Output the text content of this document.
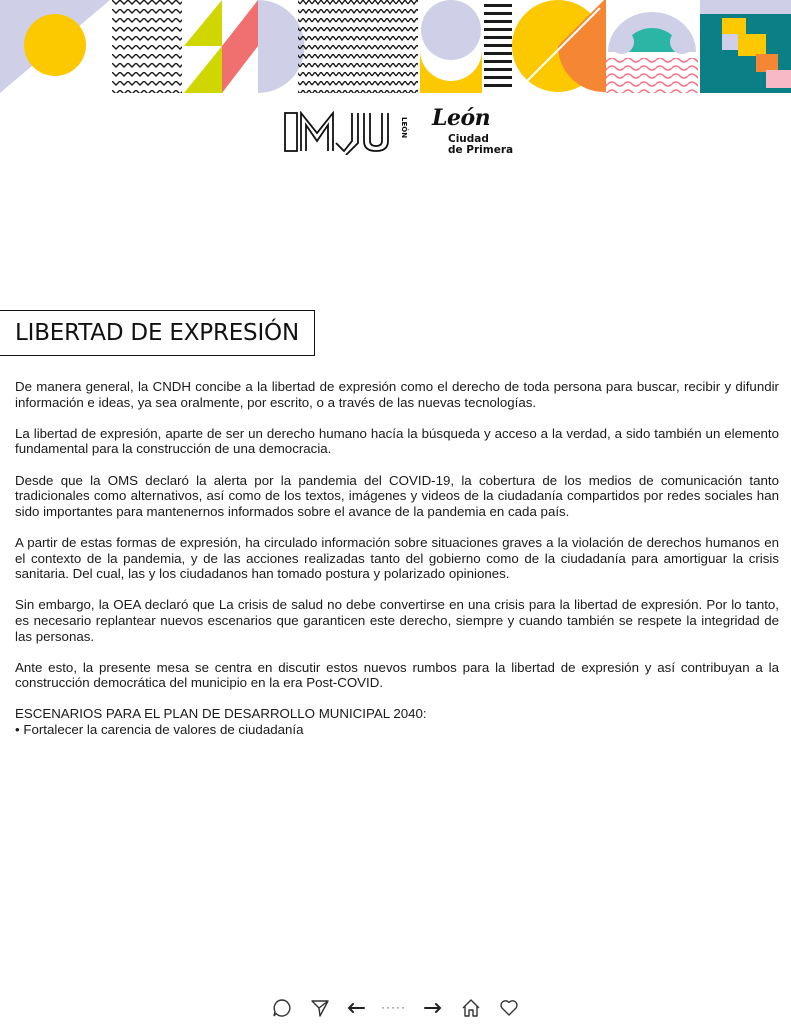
LEÓN León
Ciudad
de Primera
LIBERTAD DE EXPRESIÓN

De manera general, la CNDH concibe a la libertad de expresión como el derecho de toda persona para buscar, recibir y difundir información e ideas, ya sea oralmente, por escrito, o a través de las nuevas tecnologías.

La libertad de expresión, aparte de ser un derecho humano hacía la búsqueda y acceso a la verdad, a sido también un elemento fundamental para la construcción de una democracia.

Desde que la OMS declaró la alerta por la pandemia del COVID-19, la cobertura de los medios de comunicación tanto tradicionales como alternativos, así como de los textos, imágenes y videos de la ciudadanía compartidos por redes sociales han sido importantes para mantenernos informados sobre el avance de la pandemia en cada país.

A partir de estas formas de expresión, ha circulado información sobre situaciones graves a la violación de derechos humanos en el contexto de la pandemia, y de las acciones realizadas tanto del gobierno como de la ciudadanía para amortiguar la crisis sanitaria. Del cual, las y los ciudadanos han tomado postura y polarizado opiniones.

Sin embargo, la OEA declaró que La crisis de salud no debe convertirse en una crisis para la libertad de expresión. Por lo tanto, es necesario replantear nuevos escenarios que garanticen este derecho, siempre y cuando también se respete la integridad de las personas.

Ante esto, la presente mesa se centra en discutir estos nuevos rumbos para la libertad de expresión y así contribuyan a la construcción democrática del municipio en la era Post-COVID.

ESCENARIOS PARA EL PLAN DE DESARROLLO MUNICIPAL 2040:
• Fortalecer la carencia de valores de ciudadanía
·····
